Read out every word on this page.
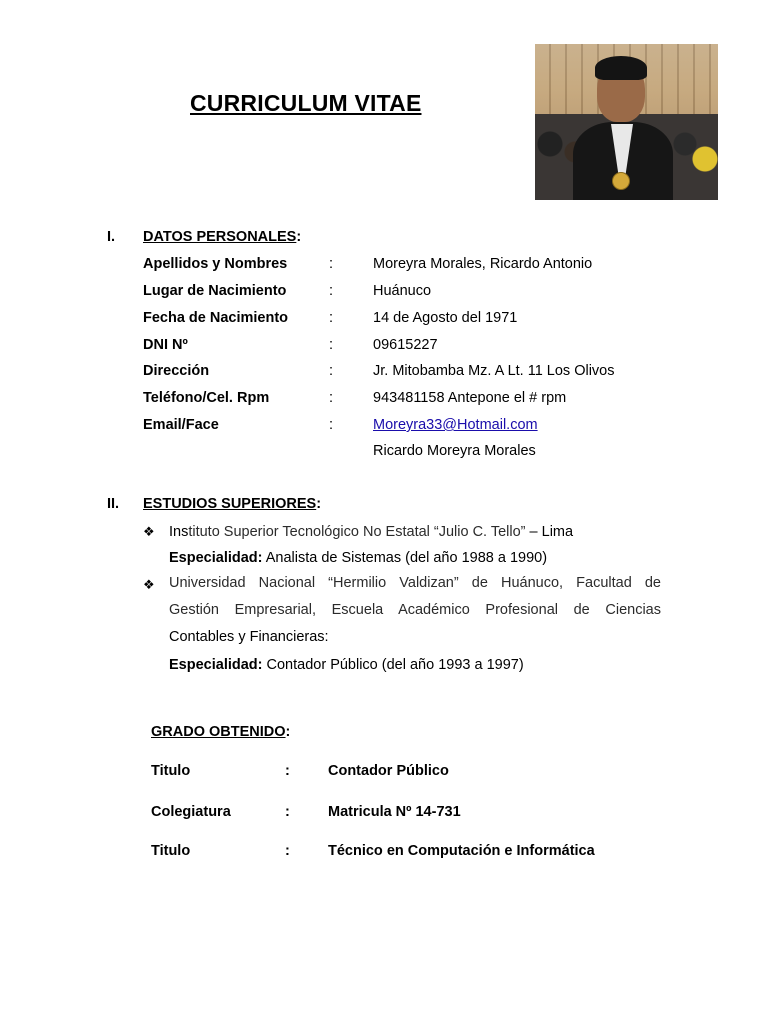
CURRICULUM VITAE
I. DATOS PERSONALES:
Apellidos y Nombres	:	Moreyra Morales, Ricardo Antonio
Lugar de Nacimiento	:	Huánuco
Fecha de Nacimiento	:	14 de Agosto del 1971
DNI Nº	:	09615227
Dirección	:	Jr. Mitobamba Mz. A Lt. 11 Los Olivos
Teléfono/Cel. Rpm	:	943481158 Antepone el # rpm
Email/Face	:	Moreyra33@Hotmail.com
Ricardo Moreyra Morales
II. ESTUDIOS SUPERIORES:
❖ Instituto Superior Tecnológico No Estatal “Julio C. Tello” – Lima
Especialidad: Analista de Sistemas (del año 1988 a 1990)
❖ Universidad Nacional “Hermilio Valdizan” de Huánuco, Facultad de
Gestión Empresarial, Escuela Académico Profesional de Ciencias
Contables y Financieras:
Especialidad: Contador Público (del año 1993 a 1997)
GRADO OBTENIDO:
Titulo	:	Contador Público
Colegiatura	:	Matricula Nº 14-731
Titulo	:	Técnico en Computación e Informática
